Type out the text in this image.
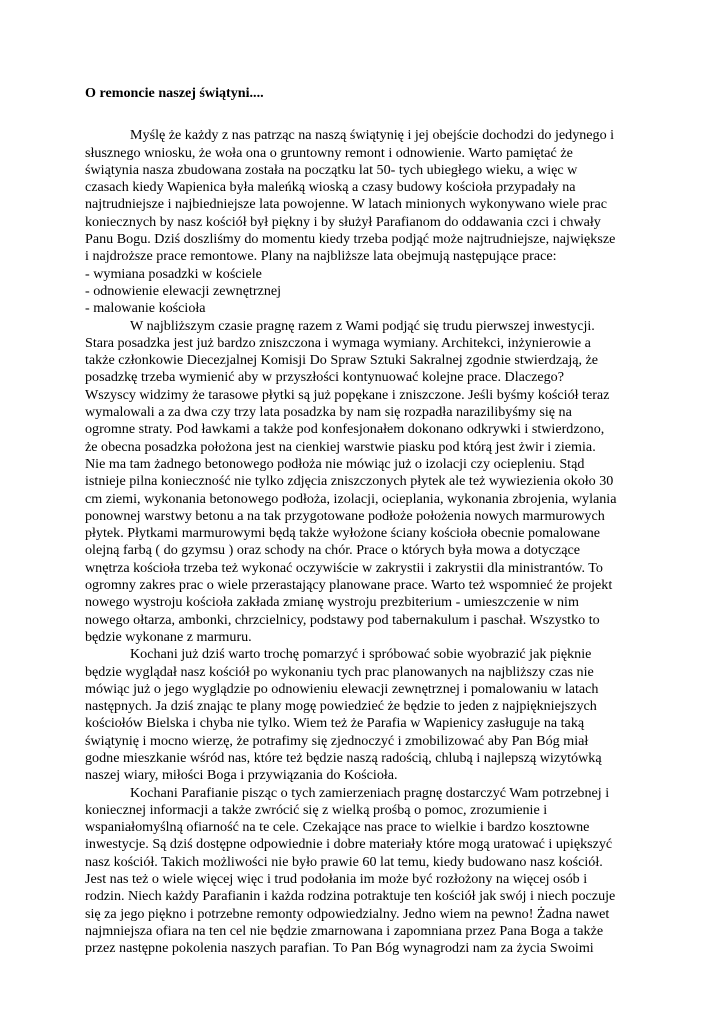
O remoncie naszej świątyni....
Myślę że każdy z nas patrząc na naszą świątynię i jej obejście dochodzi do jedynego i
słusznego wniosku, że woła ona o gruntowny remont i odnowienie. Warto pamiętać że
świątynia nasza zbudowana została na początku lat 50- tych ubiegłego wieku, a więc w
czasach kiedy Wapienica była maleńką wioską a czasy budowy kościoła przypadały na
najtrudniejsze i najbiedniejsze lata powojenne. W latach minionych wykonywano wiele prac
koniecznych by nasz kościół był piękny i by służył Parafianom do oddawania czci i chwały
Panu Bogu. Dziś doszliśmy do momentu kiedy trzeba podjąć może najtrudniejsze, największe
i najdroższe prace remontowe. Plany na najbliższe lata obejmują następujące prace:
- wymiana posadzki w kościele
- odnowienie elewacji zewnętrznej
- malowanie kościoła
W najbliższym czasie pragnę razem z Wami podjąć się trudu pierwszej inwestycji.
Stara posadzka jest już bardzo zniszczona i wymaga wymiany. Architekci, inżynierowie a
także członkowie Diecezjalnej Komisji Do Spraw Sztuki Sakralnej zgodnie stwierdzają, że
posadzkę trzeba wymienić aby w przyszłości kontynuować kolejne prace. Dlaczego?
Wszyscy widzimy że tarasowe płytki są już popękane i zniszczone. Jeśli byśmy kościół teraz
wymalowali a za dwa czy trzy lata posadzka by nam się rozpadła narazilibyśmy się na
ogromne straty. Pod ławkami a także pod konfesjonałem dokonano odkrywki i stwierdzono,
że obecna posadzka położona jest na cienkiej warstwie piasku pod którą jest żwir i ziemia.
Nie ma tam żadnego betonowego podłoża nie mówiąc już o izolacji czy ociepleniu. Stąd
istnieje pilna konieczność nie tylko zdjęcia zniszczonych płytek ale też wywiezienia około 30
cm ziemi, wykonania betonowego podłoża, izolacji, ocieplania, wykonania zbrojenia, wylania
ponownej warstwy betonu a na tak przygotowane podłoże położenia nowych marmurowych
płytek. Płytkami marmurowymi będą także wyłożone ściany kościoła obecnie pomalowane
olejną farbą ( do gzymsu ) oraz schody na chór. Prace o których była mowa a dotyczące
wnętrza kościoła trzeba też wykonać oczywiście w zakrystii i zakrystii dla ministrantów. To
ogromny zakres prac o wiele przerastający planowane prace. Warto też wspomnieć że projekt
nowego wystroju kościoła zakłada zmianę wystroju prezbiterium - umieszczenie w nim
nowego ołtarza, ambonki, chrzcielnicy, podstawy pod tabernakulum i paschał. Wszystko to
będzie wykonane z marmuru.
Kochani już dziś warto trochę pomarzyć i spróbować sobie wyobrazić jak pięknie
będzie wyglądał nasz kościół po wykonaniu tych prac planowanych na najbliższy czas nie
mówiąc już o jego wyglądzie po odnowieniu elewacji zewnętrznej i pomalowaniu w latach
następnych. Ja dziś znając te plany mogę powiedzieć że będzie to jeden z najpiękniejszych
kościołów Bielska i chyba nie tylko. Wiem też że Parafia w Wapienicy zasługuje na taką
świątynię i mocno wierzę, że potrafimy się zjednoczyć i zmobilizować aby Pan Bóg miał
godne mieszkanie wśród nas, które też będzie naszą radością, chlubą i najlepszą wizytówką
naszej wiary, miłości Boga i przywiązania do Kościoła.
Kochani Parafianie pisząc o tych zamierzeniach pragnę dostarczyć Wam potrzebnej i
koniecznej informacji a także zwrócić się z wielką prośbą o pomoc, zrozumienie i
wspaniałomyślną ofiarność na te cele. Czekające nas prace to wielkie i bardzo kosztowne
inwestycje. Są dziś dostępne odpowiednie i dobre materiały które mogą uratować i upiększyć
nasz kościół. Takich możliwości nie było prawie 60 lat temu, kiedy budowano nasz kościół.
Jest nas też o wiele więcej więc i trud podołania im może być rozłożony na więcej osób i
rodzin. Niech każdy Parafianin i każda rodzina potraktuje ten kościół jak swój i niech poczuje
się za jego piękno i potrzebne remonty odpowiedzialny. Jedno wiem na pewno! Żadna nawet
najmniejsza ofiara na ten cel nie będzie zmarnowana i zapomniana przez Pana Boga a także
przez następne pokolenia naszych parafian. To Pan Bóg wynagrodzi nam za życia Swoimi
